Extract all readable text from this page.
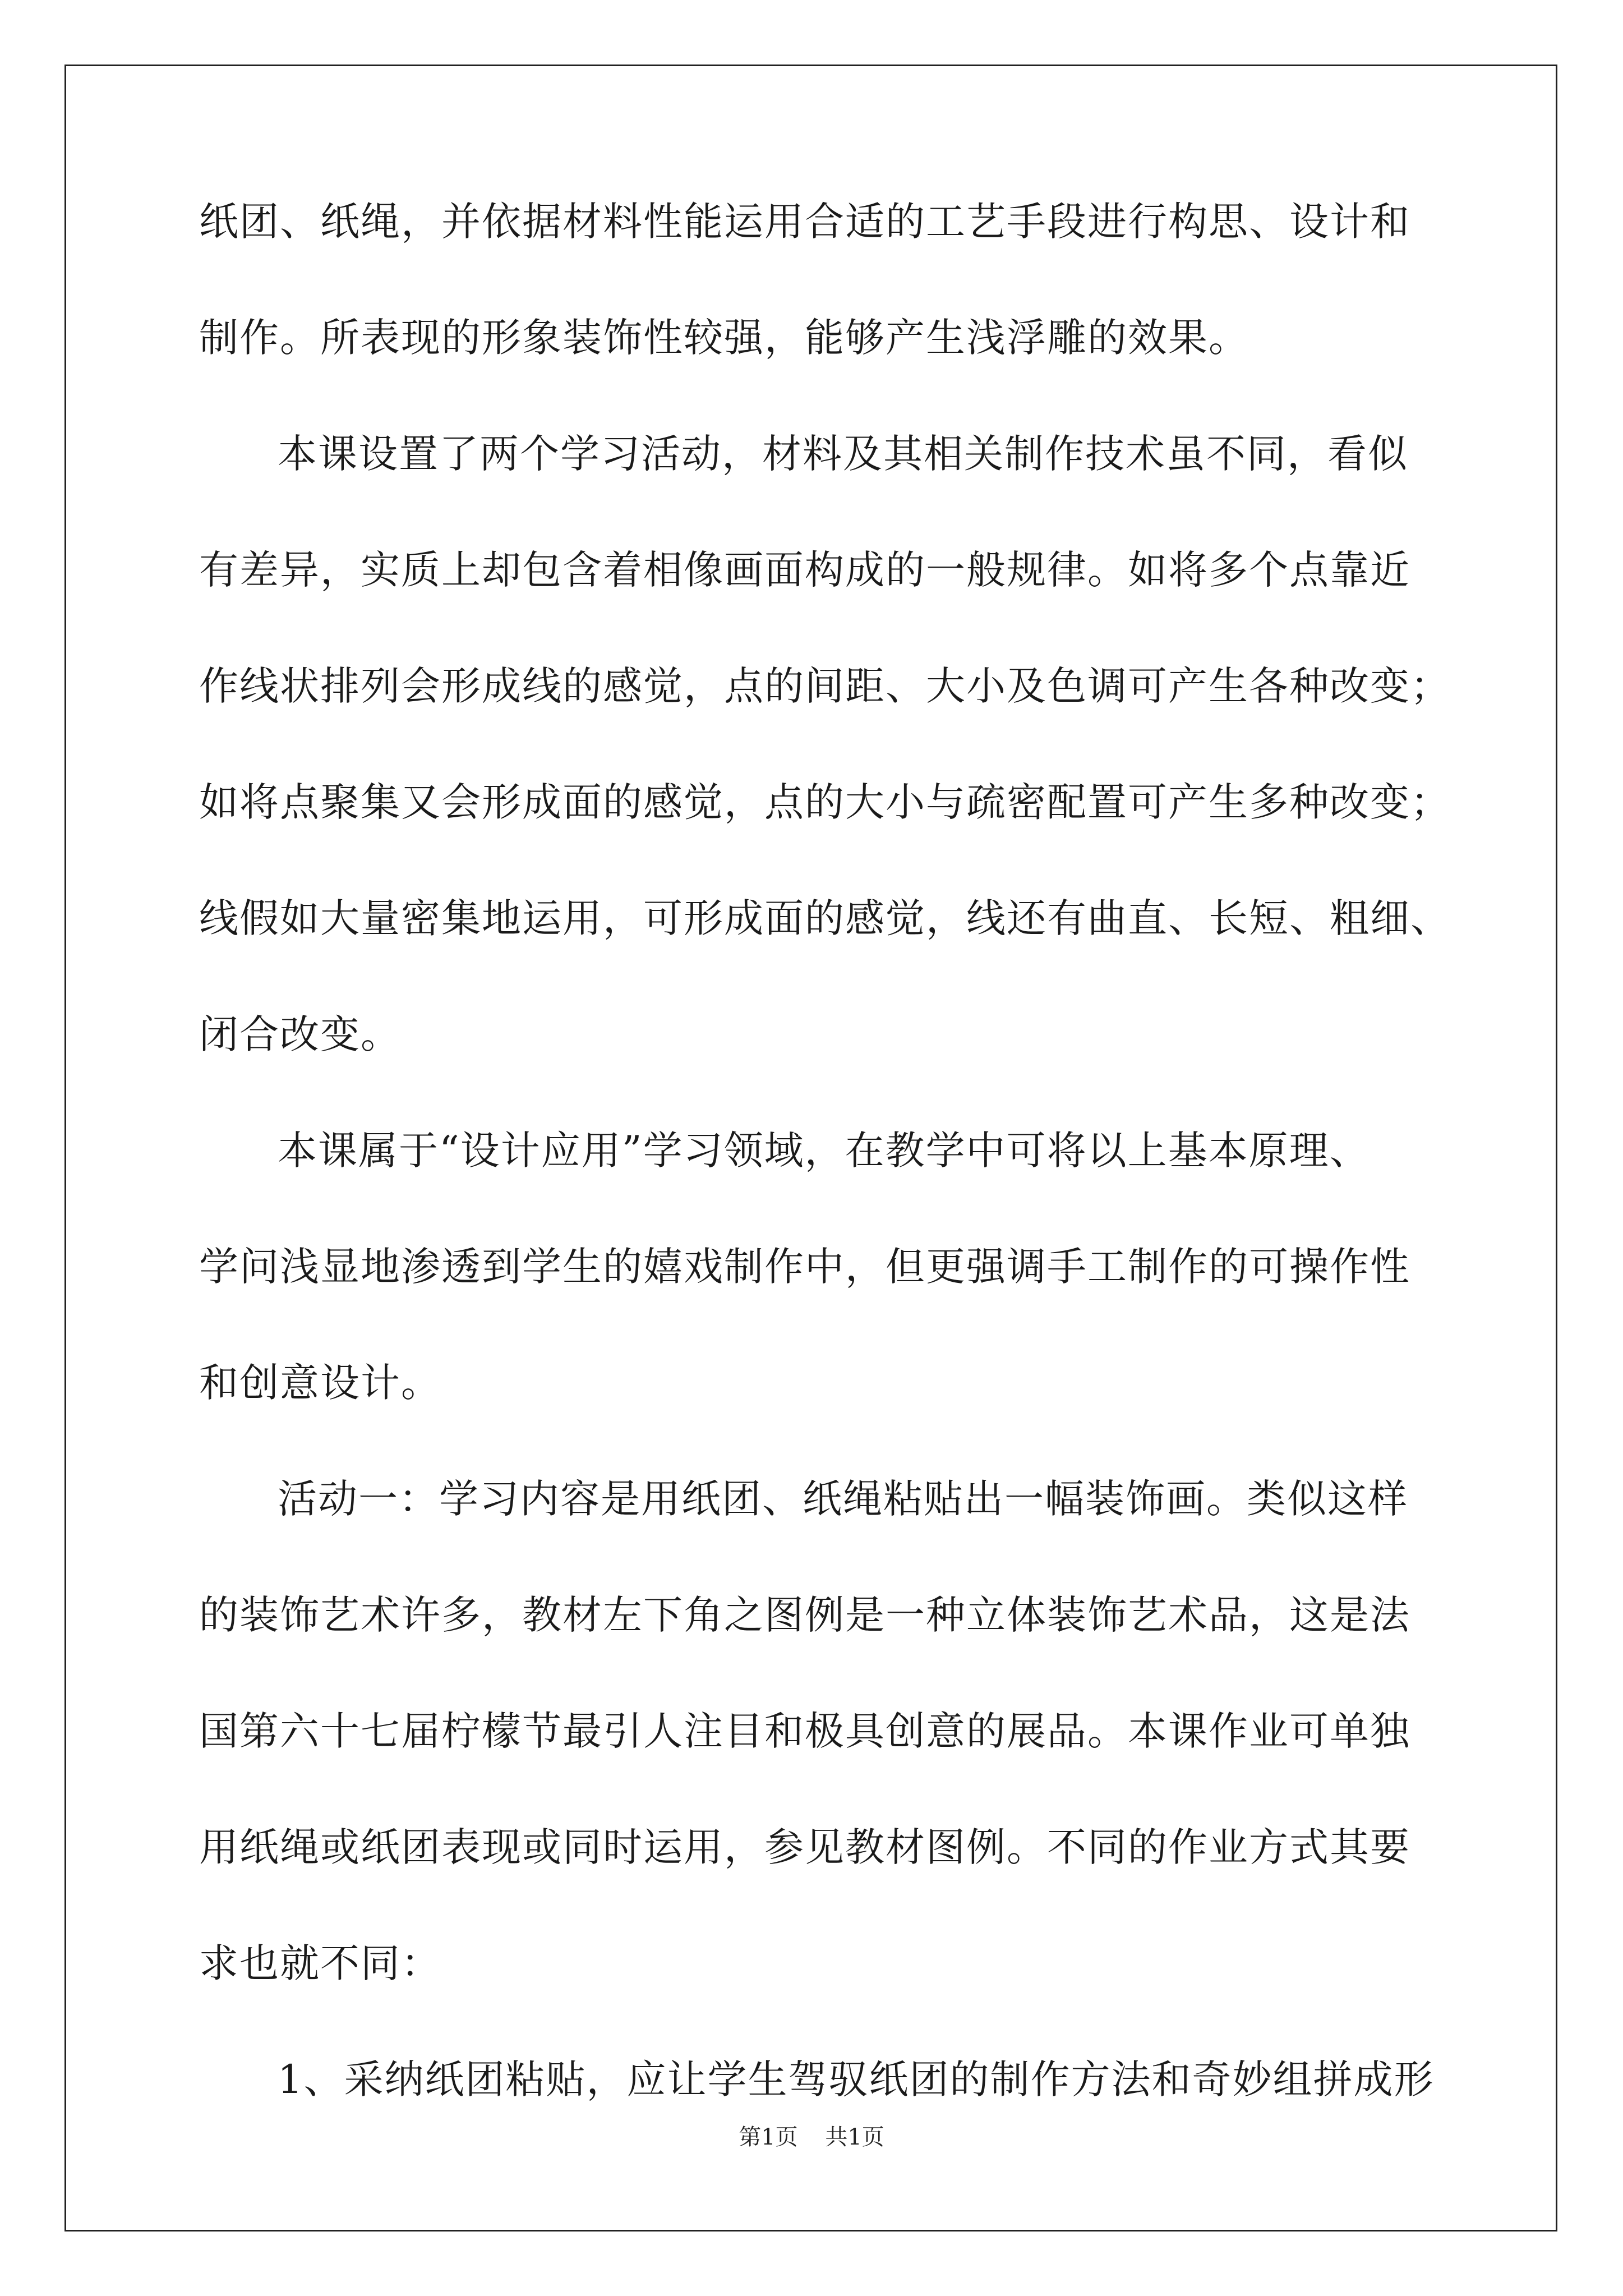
纸团、纸绳，并依据材料性能运用合适的工艺手段进行构思、设计和
制作。所表现的形象装饰性较强，能够产生浅浮雕的效果。
本课设置了两个学习活动，材料及其相关制作技术虽不同，看似
有差异，实质上却包含着相像画面构成的一般规律。如将多个点靠近
作线状排列会形成线的感觉，点的间距、大小及色调可产生各种改变；
如将点聚集又会形成面的感觉，点的大小与疏密配置可产生多种改变；
线假如大量密集地运用，可形成面的感觉，线还有曲直、长短、粗细、
闭合改变。
本课属于“设计应用”学习领域，在教学中可将以上基本原理、
学问浅显地渗透到学生的嬉戏制作中，但更强调手工制作的可操作性
和创意设计。
活动一：学习内容是用纸团、纸绳粘贴出一幅装饰画。类似这样
的装饰艺术许多，教材左下角之图例是一种立体装饰艺术品，这是法
国第六十七届柠檬节最引人注目和极具创意的展品。本课作业可单独
用纸绳或纸团表现或同时运用，参见教材图例。不同的作业方式其要
求也就不同：
1、采纳纸团粘贴，应让学生驾驭纸团的制作方法和奇妙组拼成形
第1页 共1页
